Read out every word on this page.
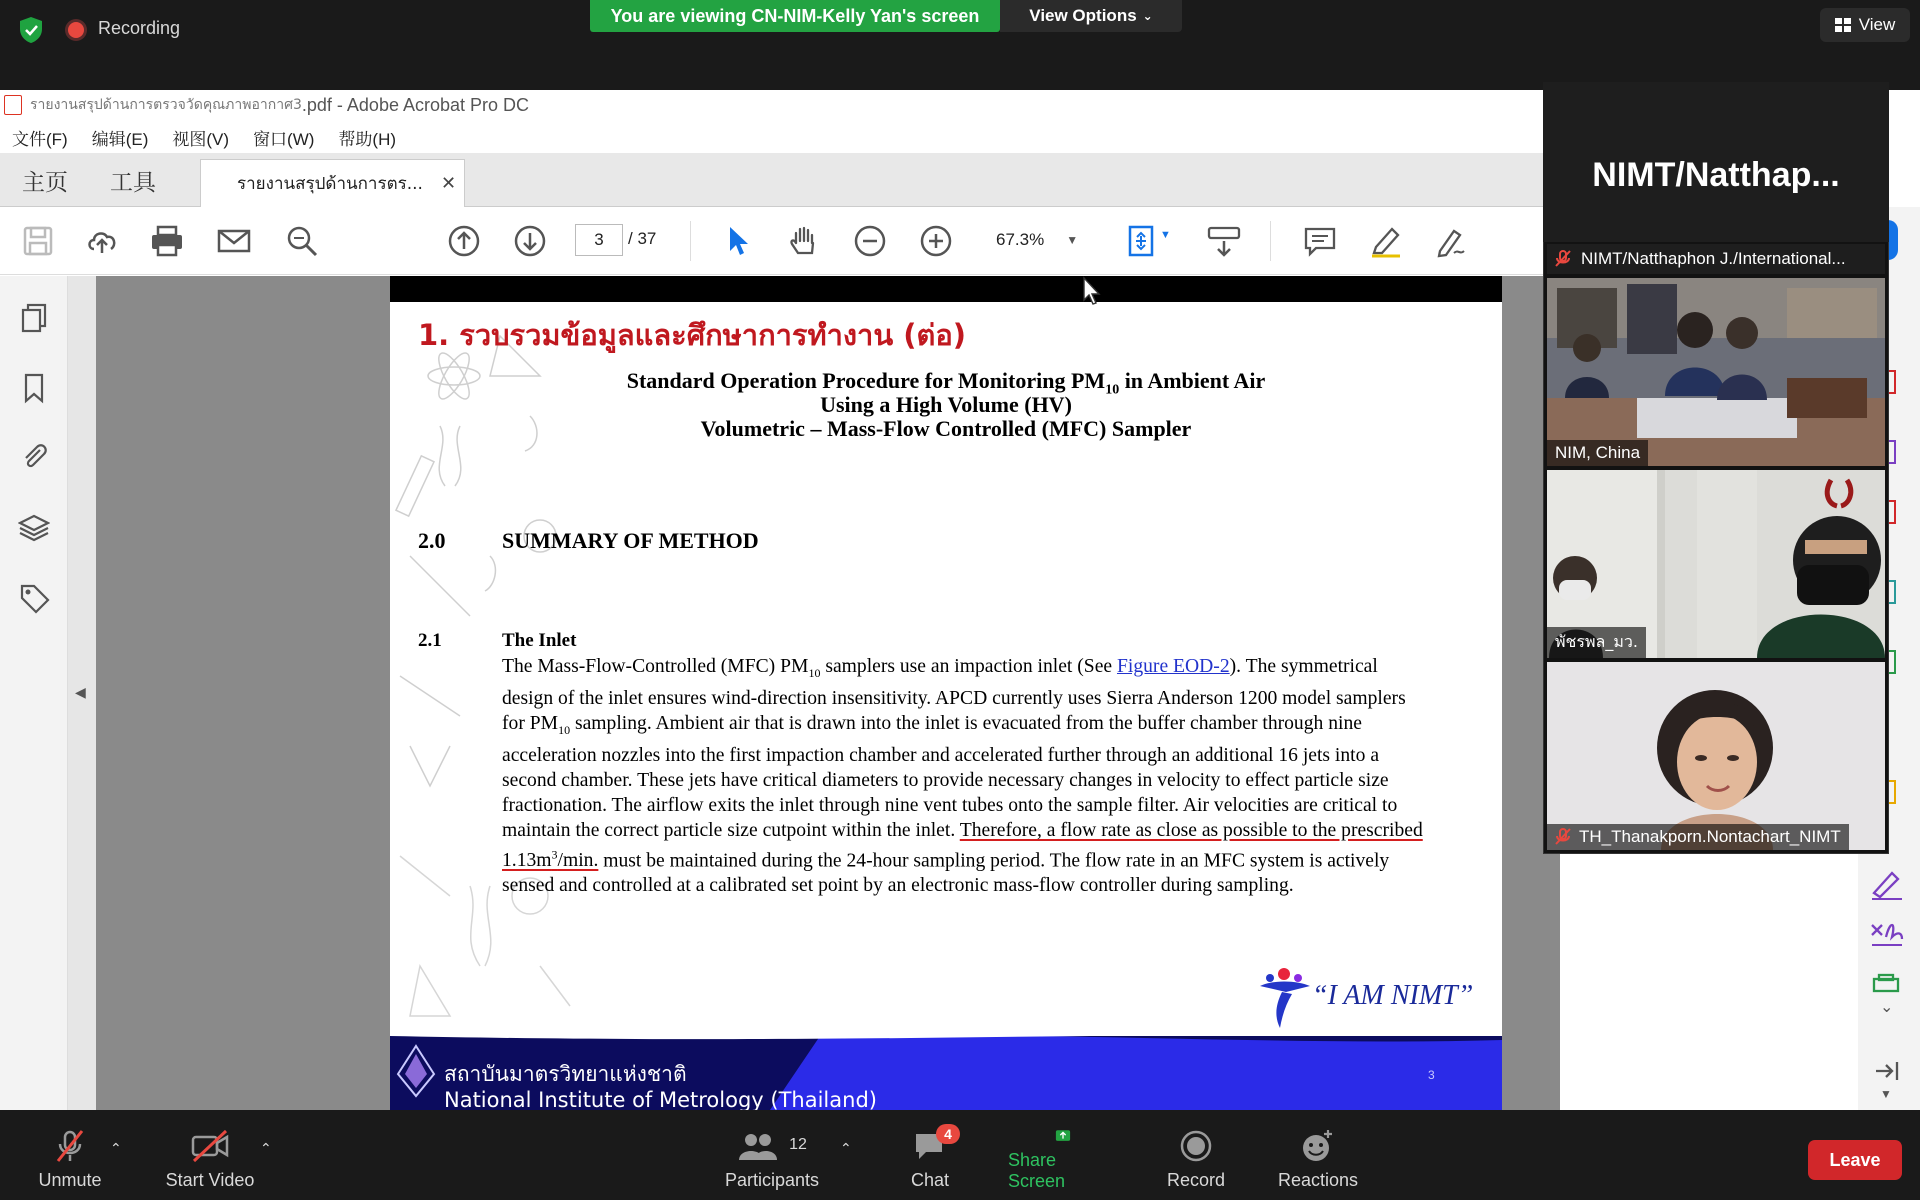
Recording
You are viewing CN-NIM-Kelly Yan's screen	View Options ⌄	View
รายงานสรุปด้านการตรวจวัดคุณภาพอากาศ3 .pdf - Adobe Acrobat Pro DC
文件(F) 编辑(E) 视图(V) 窗口(W) 帮助(H)
主页 工具	รายงานสรุปด้านการตร... ✕
3	/ 37	67.3% ▼	▼
◀
1. รวบรวมข้อมูลและศึกษาการทำงาน (ต่อ)
Standard Operation Procedure for Monitoring $PM_{10}$ in Ambient Air
Using a High Volume (HV)
Volumetric – Mass-Flow Controlled (MFC) Sampler
2.0	SUMMARY OF METHOD
2.1	The Inlet
The Mass-Flow-Controlled (MFC) $PM_{10}$ samplers use an impaction inlet (See Figure EOD-2). The symmetrical design of the inlet ensures wind-direction insensitivity. APCD currently uses Sierra Anderson 1200 model samplers for $PM_{10}$ sampling. Ambient air that is drawn into the inlet is evacuated from the buffer chamber through nine acceleration nozzles into the first impaction chamber and accelerated further through an additional 16 jets into a second chamber. These jets have critical diameters to provide necessary changes in velocity to effect particle size fractionation. The airflow exits the inlet through nine vent tubes onto the sample filter. Air velocities are critical to maintain the correct particle size cutpoint within the inlet. Therefore, a flow rate as close as possible to the prescribed $1.13m^3/\min$. must be maintained during the 24-hour sampling period. The flow rate in an MFC system is actively sensed and controlled at a calibrated set point by an electronic mass-flow controller during sampling.
“I AM NIMT”
สถาบันมาตรวิทยาแห่งชาติ
National Institute of Metrology (Thailand)
3
⌄
▼
NIMT/Natthap...
NIMT/Natthaphon J./International...
NIM, China
พัชรพล_มว.
TH_Thanakporn.Nontachart_NIMT
Unmute
⌃
Start Video
⌃	12
Participants
⌃
Chat
4
Share Screen	Record	Reactions
Leave
